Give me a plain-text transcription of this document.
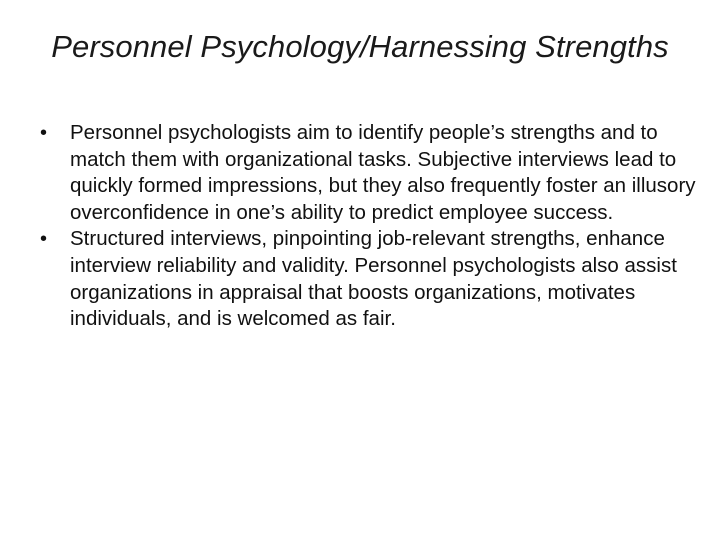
Personnel Psychology/Harnessing Strengths
• Personnel psychologists aim to identify people’s strengths and to match them with organizational tasks. Subjective interviews lead to quickly formed impressions, but they also frequently foster an illusory overconfidence in one’s ability to predict employee success.
• Structured interviews, pinpointing job-relevant strengths, enhance interview reliability and validity. Personnel psychologists also assist organizations in appraisal that boosts organizations, motivates individuals, and is welcomed as fair.
